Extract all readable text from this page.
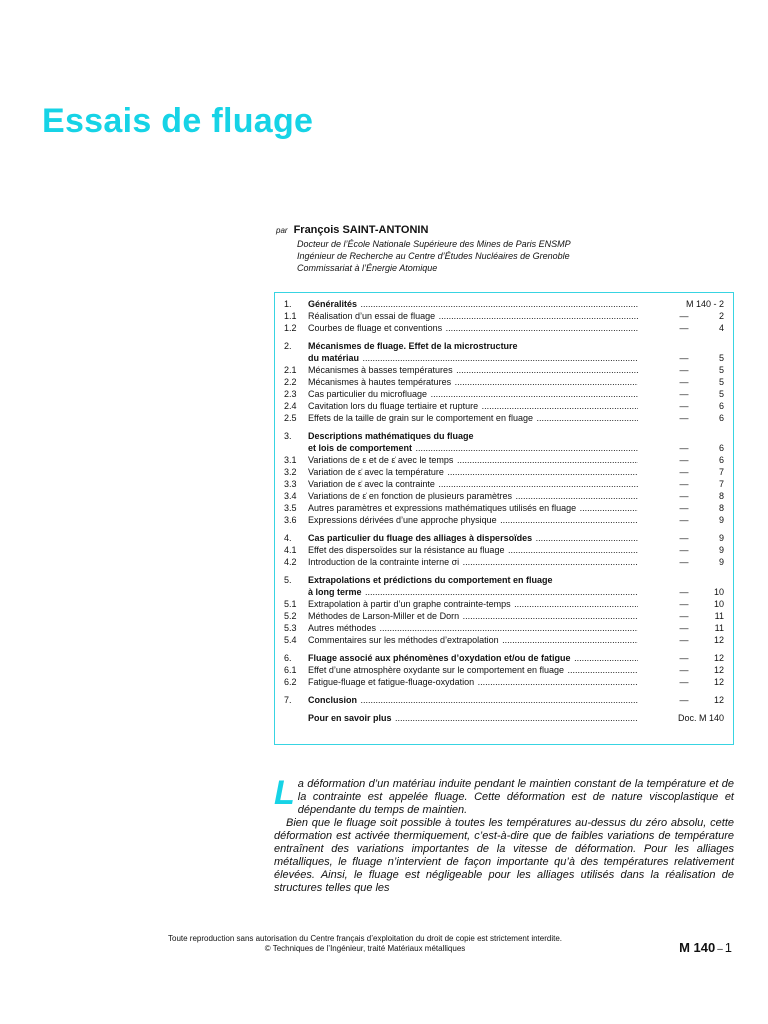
Essais de fluage
par François SAINT-ANTONIN
Docteur de l’École Nationale Supérieure des Mines de Paris ENSMP
Ingénieur de Recherche au Centre d’Études Nucléaires de Grenoble
Commissariat à l’Énergie Atomique
1.	Généralités .....	M 140 - 2
1.1	Réalisation d’un essai de fluage .....	—	2
1.2	Courbes de fluage et conventions .....	—	4
2.	Mécanismes de fluage. Effet de la microstructure
du matériau .....	—	5
2.1	Mécanismes à basses températures .....	—	5
2.2	Mécanismes à hautes températures .....	—	5
2.3	Cas particulier du microfluage .....	—	5
2.4	Cavitation lors du fluage tertiaire et rupture .....	—	6
2.5	Effets de la taille de grain sur le comportement en fluage .....	—	6
3.	Descriptions mathématiques du fluage
et lois de comportement .....	—	6
3.1	Variations de ε et de ε̇ avec le temps .....	—	6
3.2	Variation de ε̇ avec la température .....	—	7
3.3	Variation de ε̇ avec la contrainte .....	—	7
3.4	Variations de ε̇ en fonction de plusieurs paramètres .....	—	8
3.5	Autres paramètres et expressions mathématiques utilisés en fluage .....	—	8
3.6	Expressions dérivées d’une approche physique .....	—	9
4.	Cas particulier du fluage des alliages à dispersoïdes .....	—	9
4.1	Effet des dispersoïdes sur la résistance au fluage .....	—	9
4.2	Introduction de la contrainte interne σi .....	—	9
5.	Extrapolations et prédictions du comportement en fluage
à long terme .....	—	10
5.1	Extrapolation à partir d’un graphe contrainte-temps .....	—	10
5.2	Méthodes de Larson-Miller et de Dorn .....	—	11
5.3	Autres méthodes .....	—	11
5.4	Commentaires sur les méthodes d’extrapolation .....	—	12
6.	Fluage associé aux phénomènes d’oxydation et/ou de fatigue .....	—	12
6.1	Effet d’une atmosphère oxydante sur le comportement en fluage .....	—	12
6.2	Fatigue-fluage et fatigue-fluage-oxydation .....	—	12
7.	Conclusion .....	—	12
Pour en savoir plus .....	Doc. M 140

La déformation d’un matériau induite pendant le maintien constant de la température et de la contrainte est appelée fluage. Cette déformation est de nature viscoplastique et dépendante du temps de maintien.

Bien que le fluage soit possible à toutes les températures au-dessus du zéro absolu, cette déformation est activée thermiquement, c’est-à-dire que de faibles variations de température entraînent des variations importantes de la vitesse de déformation. Pour les alliages métalliques, le fluage n’intervient de façon importante qu’à des températures relativement élevées. Ainsi, le fluage est négligeable pour les alliages utilisés dans la réalisation de structures telles que les

Toute reproduction sans autorisation du Centre français d’exploitation du droit de copie est strictement interdite.
© Techniques de l’Ingénieur, traité Matériaux métalliques	M 140 – 1
